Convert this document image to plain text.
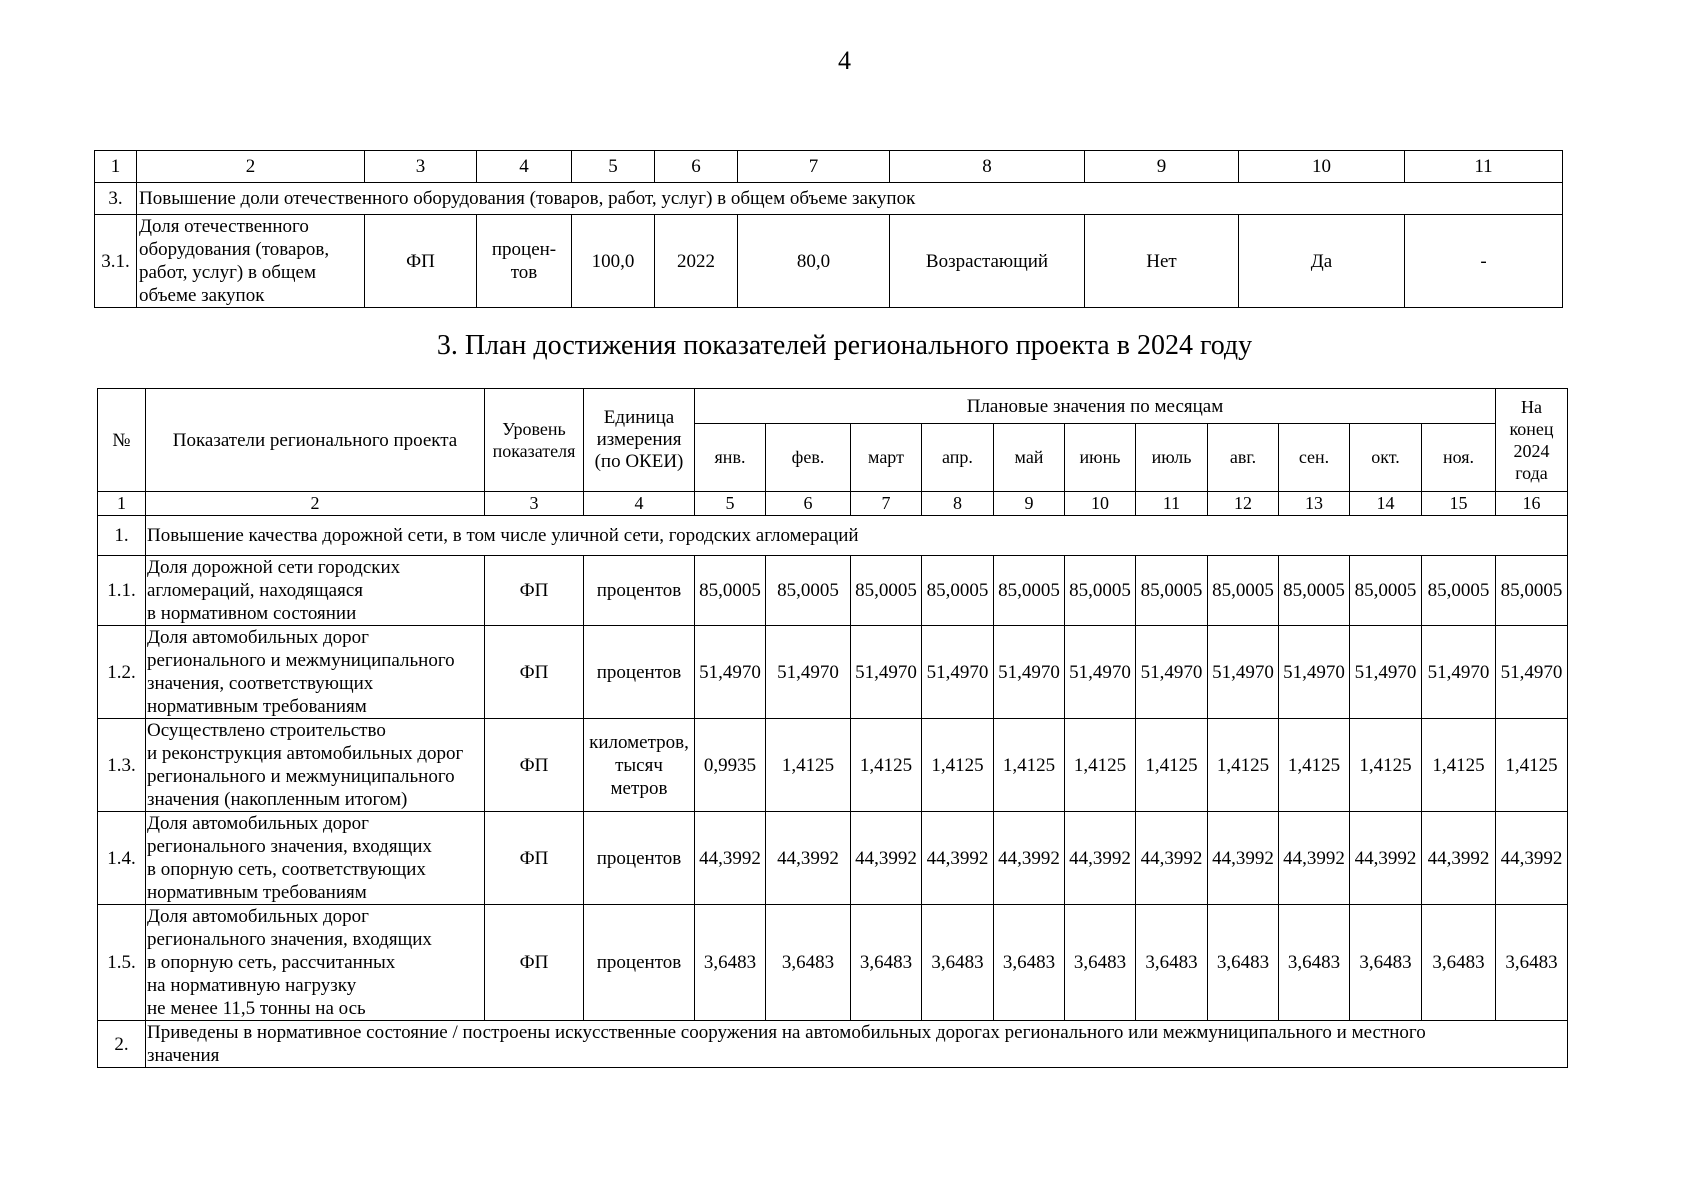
4
1	2	3	4	5	6	7	8	9	10	11
3.	Повышение доли отечественного оборудования (товаров, работ, услуг) в общем объеме закупок									
3.1.	Доля отечественного
оборудования (товаров,
работ, услуг) в общем
объеме закупок	ФП	процен-
тов	100,0	2022	80,0	Возрастающий	Нет	Да	-
3. План достижения показателей регионального проекта в 2024 году
№	Показатели регионального проекта	Уровень
показателя	Единица
измерения
(по ОКЕИ)	Плановые значения по месяцам											На
конец
2024
года
				янв.	фев.	март	апр.	май	июнь	июль	авг.	сен.	окт.	ноя.	
1	2	3	4	5	6	7	8	9	10	11	12	13	14	15	16
1.	Повышение качества дорожной сети, в том числе уличной сети, городских агломераций														
1.1.	Доля дорожной сети городских
агломераций, находящаяся
в нормативном состоянии	ФП	процентов	85,0005	85,0005	85,0005	85,0005	85,0005	85,0005	85,0005	85,0005	85,0005	85,0005	85,0005	85,0005
1.2.	Доля автомобильных дорог
регионального и межмуниципального
значения, соответствующих
нормативным требованиям	ФП	процентов	51,4970	51,4970	51,4970	51,4970	51,4970	51,4970	51,4970	51,4970	51,4970	51,4970	51,4970	51,4970
1.3.	Осуществлено строительство
и реконструкция автомобильных дорог
регионального и межмуниципального
значения (накопленным итогом)	ФП	километров,
тысяч
метров	0,9935	1,4125	1,4125	1,4125	1,4125	1,4125	1,4125	1,4125	1,4125	1,4125	1,4125	1,4125
1.4.	Доля автомобильных дорог
регионального значения, входящих
в опорную сеть, соответствующих
нормативным требованиям	ФП	процентов	44,3992	44,3992	44,3992	44,3992	44,3992	44,3992	44,3992	44,3992	44,3992	44,3992	44,3992	44,3992
1.5.	Доля автомобильных дорог
регионального значения, входящих
в опорную сеть, рассчитанных
на нормативную нагрузку
не менее 11,5 тонны на ось	ФП	процентов	3,6483	3,6483	3,6483	3,6483	3,6483	3,6483	3,6483	3,6483	3,6483	3,6483	3,6483	3,6483
2.	Приведены в нормативное состояние / построены искусственные сооружения на автомобильных дорогах регионального или межмуниципального и местного
значения														
